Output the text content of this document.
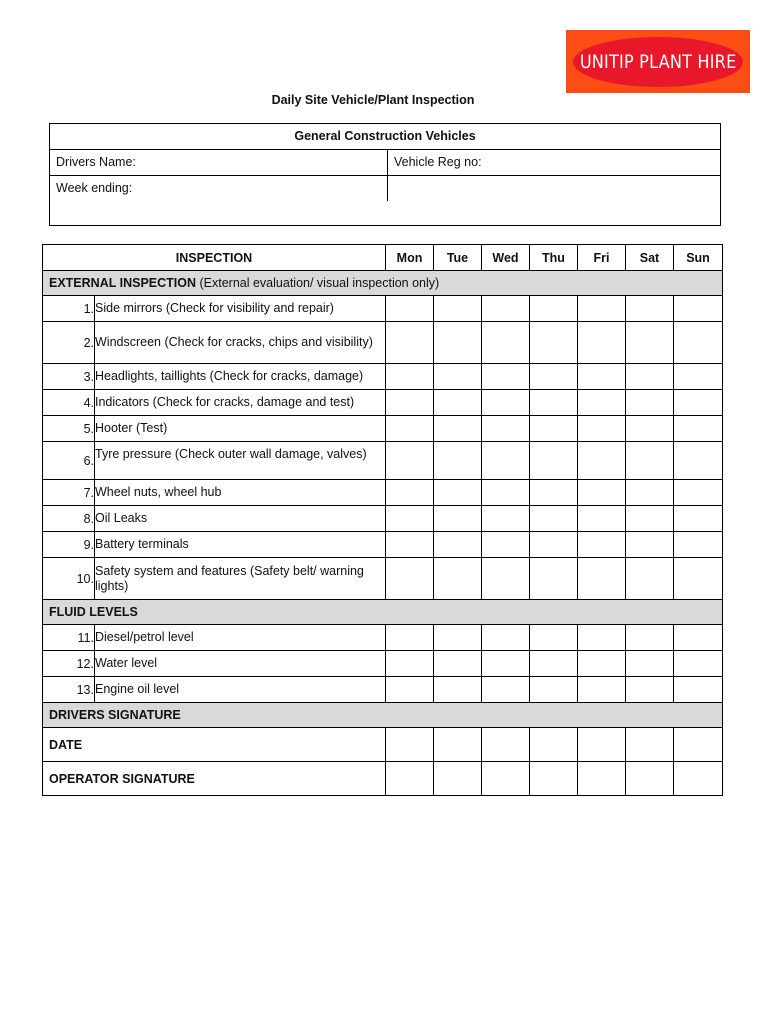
UNITIP PLANT HIRE
Daily Site Vehicle/Plant Inspection
General Construction Vehicles
Drivers Name:	Vehicle Reg no:
Week ending:
INSPECTION		Mon	Tue	Wed	Thu	Fri	Sat	Sun
EXTERNAL INSPECTION (External evaluation/ visual inspection only)								
1.	Side mirrors (Check for visibility and repair)							
2.	Windscreen (Check for cracks, chips and visibility)							
3.	Headlights, taillights (Check for cracks, damage)							
4.	Indicators (Check for cracks, damage and test)							
5.	Hooter (Test)							
6.	Tyre pressure (Check outer wall damage, valves)							
7.	Wheel nuts, wheel hub							
8.	Oil Leaks							
9.	Battery terminals							
10.	Safety system and features (Safety belt/ warning lights)							
FLUID LEVELS								
11.	Diesel/petrol level							
12.	Water level							
13.	Engine oil level							
DRIVERS SIGNATURE								
DATE								
OPERATOR SIGNATURE								
